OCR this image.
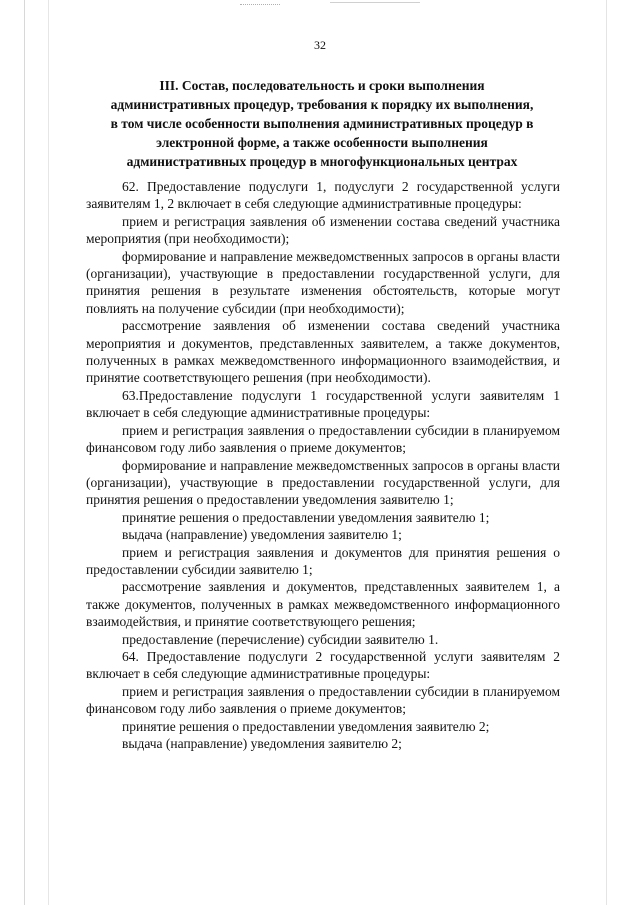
32
III. Состав, последовательность и сроки выполнения
административных процедур, требования к порядку их выполнения,
в том числе особенности выполнения административных процедур в
электронной форме, а также особенности выполнения
административных процедур в многофункциональных центрах

62. Предоставление подуслуги 1, подуслуги 2 государственной услуги заявителям 1, 2 включает в себя следующие административные процедуры:

прием и регистрация заявления об изменении состава сведений участника мероприятия (при необходимости);

формирование и направление межведомственных запросов в органы власти (организации), участвующие в предоставлении государственной услуги, для принятия решения в результате изменения обстоятельств, которые могут повлиять на получение субсидии (при необходимости);

рассмотрение заявления об изменении состава сведений участника мероприятия и документов, представленных заявителем, а также документов, полученных в рамках межведомственного информационного взаимодействия, и принятие соответствующего решения (при необходимости).

63.Предоставление подуслуги 1 государственной услуги заявителям 1 включает в себя следующие административные процедуры:

прием и регистрация заявления о предоставлении субсидии в планируемом финансовом году либо заявления о приеме документов;

формирование и направление межведомственных запросов в органы власти (организации), участвующие в предоставлении государственной услуги, для принятия решения о предоставлении уведомления заявителю 1;

принятие решения о предоставлении уведомления заявителю 1;

выдача (направление) уведомления заявителю 1;

прием и регистрация заявления и документов для принятия решения о предоставлении субсидии заявителю 1;

рассмотрение заявления и документов, представленных заявителем 1, а также документов, полученных в рамках межведомственного информационного взаимодействия, и принятие соответствующего решения;

предоставление (перечисление) субсидии заявителю 1.

64. Предоставление подуслуги 2 государственной услуги заявителям 2 включает в себя следующие административные процедуры:

прием и регистрация заявления о предоставлении субсидии в планируемом финансовом году либо заявления о приеме документов;

принятие решения о предоставлении уведомления заявителю 2;

выдача (направление) уведомления заявителю 2;
